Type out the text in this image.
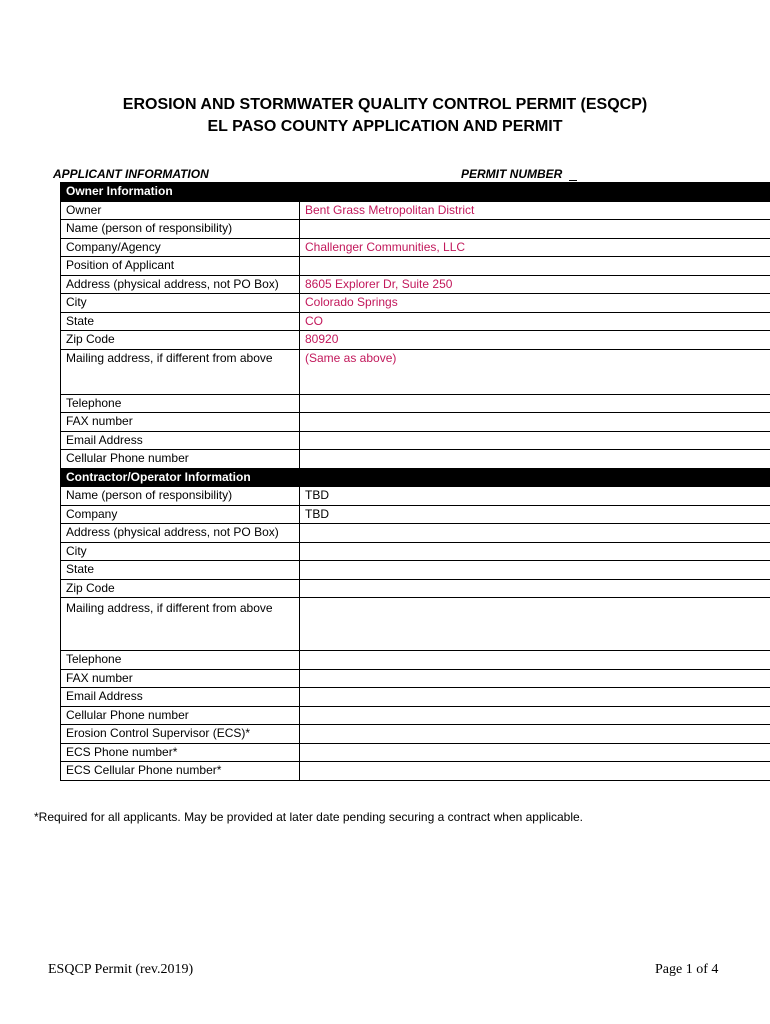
EROSION AND STORMWATER QUALITY CONTROL PERMIT (ESQCP)
EL PASO COUNTY APPLICATION AND PERMIT
APPLICANT INFORMATION	PERMIT NUMBER
Owner Information	
Owner	Bent Grass Metropolitan District
Name (person of responsibility)	
Company/Agency	Challenger Communities, LLC
Position of Applicant	
Address (physical address, not PO Box)	8605 Explorer Dr, Suite 250
City	Colorado Springs
State	CO
Zip Code	80920
Mailing address, if different from above	(Same as above)
Telephone	
FAX number	
Email Address	
Cellular Phone number	
Contractor/Operator Information	
Name (person of responsibility)	TBD
Company	TBD
Address (physical address, not PO Box)	
City	
State	
Zip Code	
Mailing address, if different from above	
Telephone	
FAX number	
Email Address	
Cellular Phone number	
Erosion Control Supervisor (ECS)*	
ECS Phone number*	
ECS Cellular Phone number*	
*Required for all applicants. May be provided at later date pending securing a contract when applicable.
ESQCP Permit (rev.2019)	Page 1 of 4
